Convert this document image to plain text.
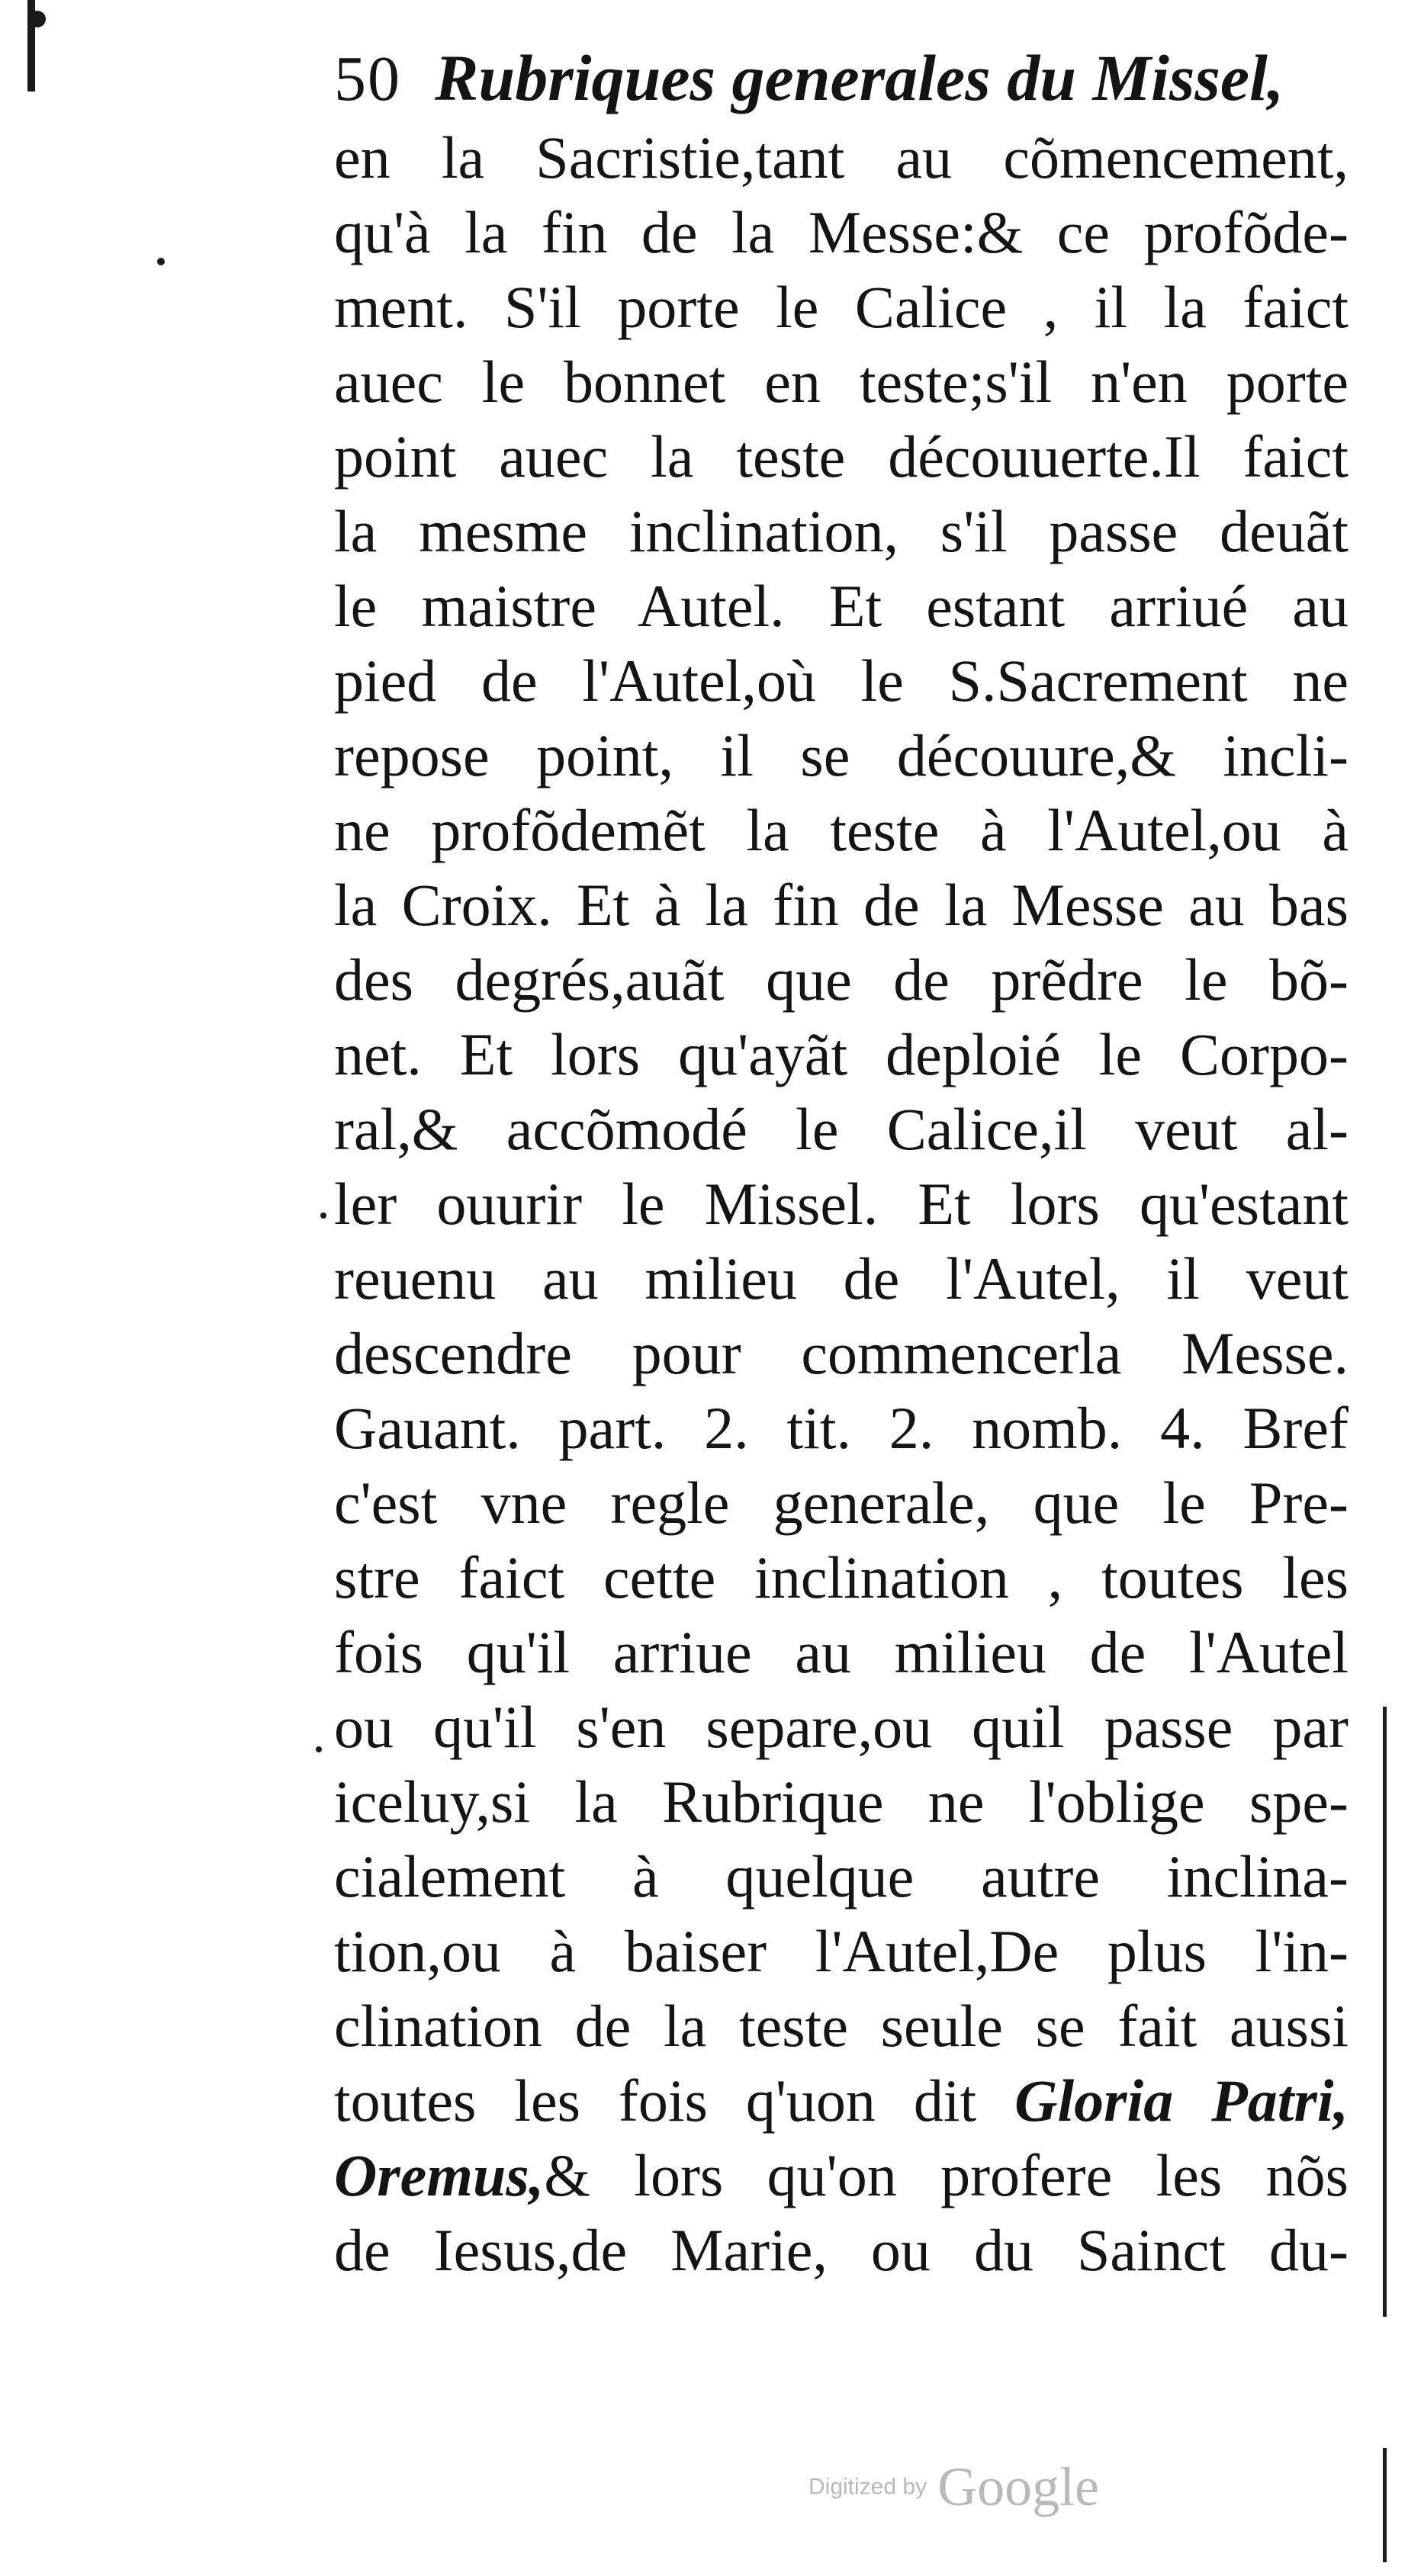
50 Rubriques generales du Missel,
en la Sacristie,tant au cõmencement,
qu'à la fin de la Messe:& ce profõde-
ment. S'il porte le Calice , il la faict
auec le bonnet en teste;s'il n'en porte
point auec la teste découuerte.Il faict
la mesme inclination, s'il passe deuãt
le maistre Autel. Et estant arriué au
pied de l'Autel,où le S.Sacrement ne
repose point, il se découure,& incli-
ne profõdemẽt la teste à l'Autel,ou à
la Croix. Et à la fin de la Messe au bas
des degrés,auãt que de prẽdre le bõ-
net. Et lors qu'ayãt deploié le Corpo-
ral,& accõmodé le Calice,il veut al-
ler ouurir le Missel. Et lors qu'estant
reuenu au milieu de l'Autel, il veut
descendre pour commencerla Messe.
Gauant. part. 2. tit. 2. nomb. 4. Bref
c'est vne regle generale, que le Pre-
stre faict cette inclination , toutes les
fois qu'il arriue au milieu de l'Autel
ou qu'il s'en separe,ou quil passe par
iceluy,si la Rubrique ne l'oblige spe-
cialement à quelque autre inclina-
tion,ou à baiser l'Autel,De plus l'in-
clination de la teste seule se fait aussi
toutes les fois q'uon dit Gloria Patri,
Oremus,& lors qu'on profere les nõs
de Iesus,de Marie, ou du Sainct du-
Digitized by Google
